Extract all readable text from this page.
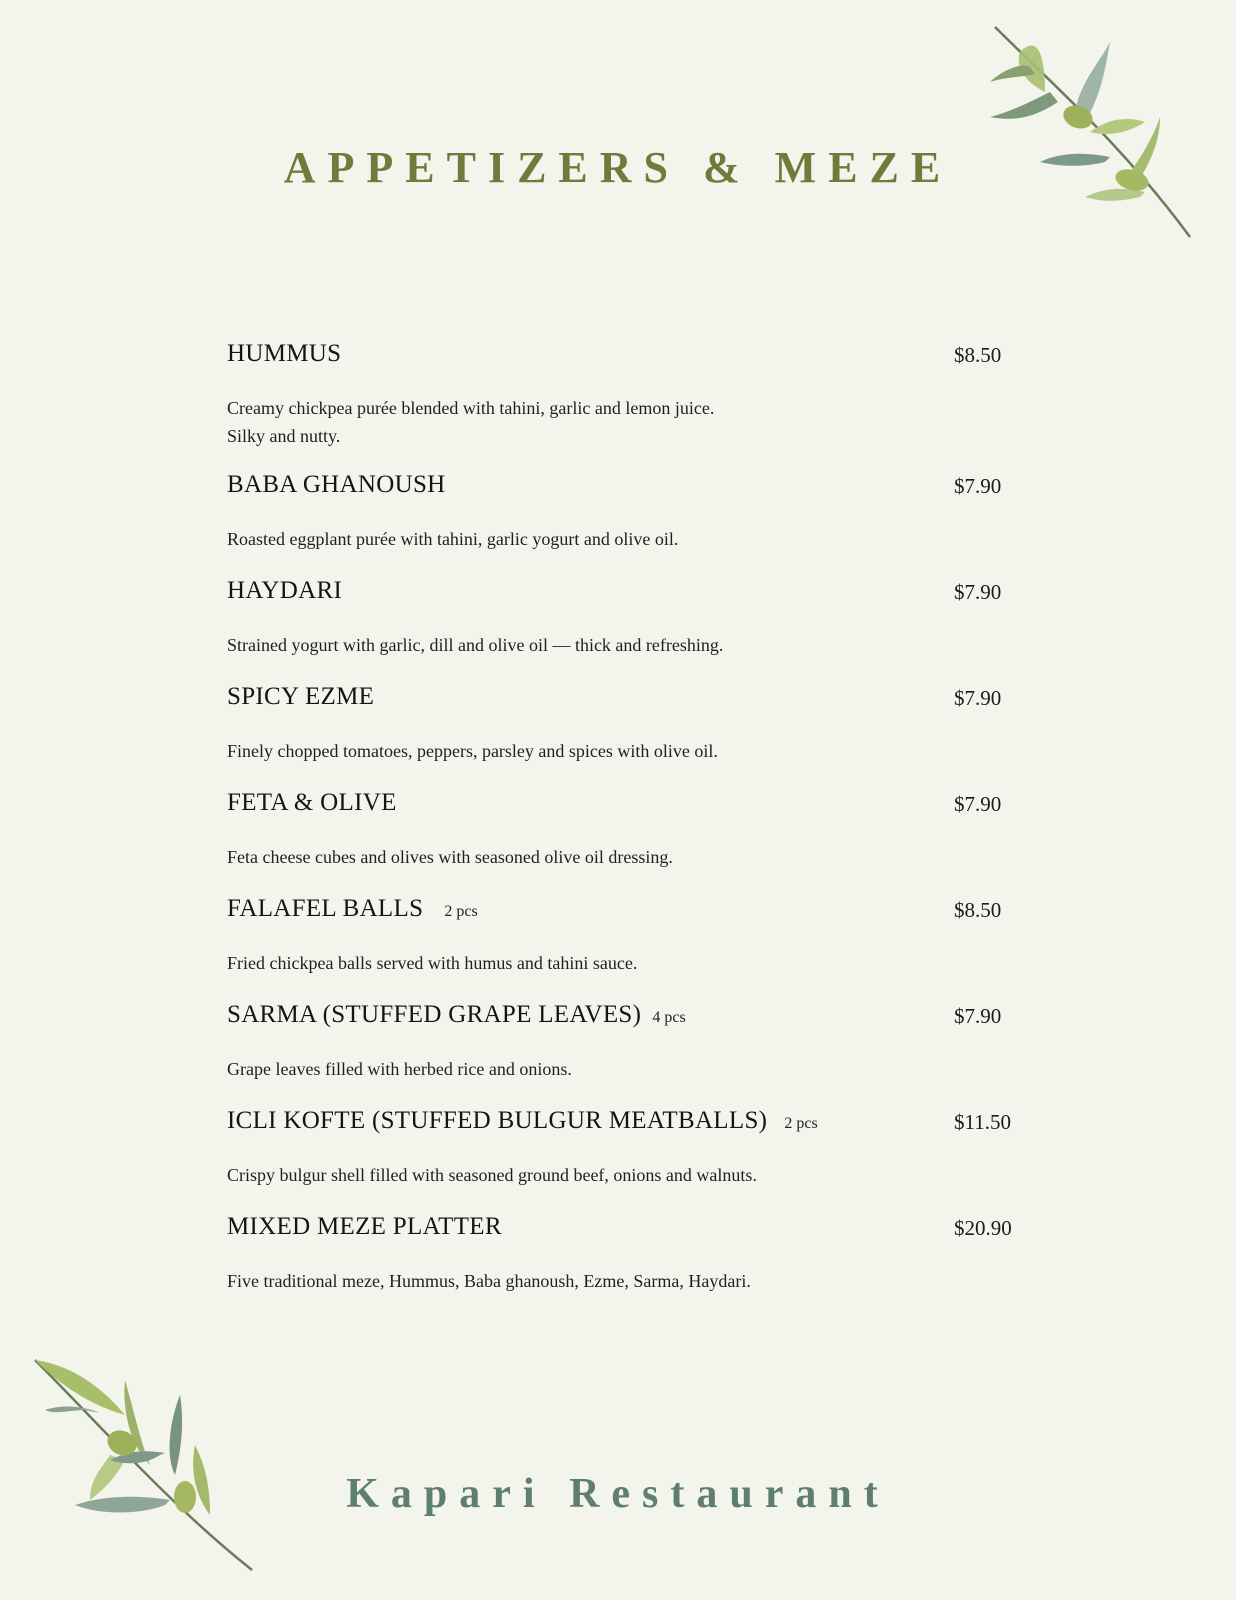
APPETIZERS & MEZE
HUMMUS	$8.50

Creamy chickpea purée blended with tahini, garlic and lemon juice.

Silky and nutty.

BABA GHANOUSH	$7.90

Roasted eggplant purée with tahini, garlic yogurt and olive oil.

HAYDARI	$7.90

Strained yogurt with garlic, dill and olive oil — thick and refreshing.

SPICY EZME	$7.90

Finely chopped tomatoes, peppers, parsley and spices with olive oil.

FETA & OLIVE	$7.90

Feta cheese cubes and olives with seasoned olive oil dressing.

FALAFEL BALLS 2 pcs	$8.50

Fried chickpea balls served with humus and tahini sauce.

SARMA (STUFFED GRAPE LEAVES) 4 pcs	$7.90

Grape leaves filled with herbed rice and onions.

ICLI KOFTE (STUFFED BULGUR MEATBALLS) 2 pcs	$11.50

Crispy bulgur shell filled with seasoned ground beef, onions and walnuts.

MIXED MEZE PLATTER	$20.90

Five traditional meze, Hummus, Baba ghanoush, Ezme, Sarma, Haydari.

Kapari Restaurant
